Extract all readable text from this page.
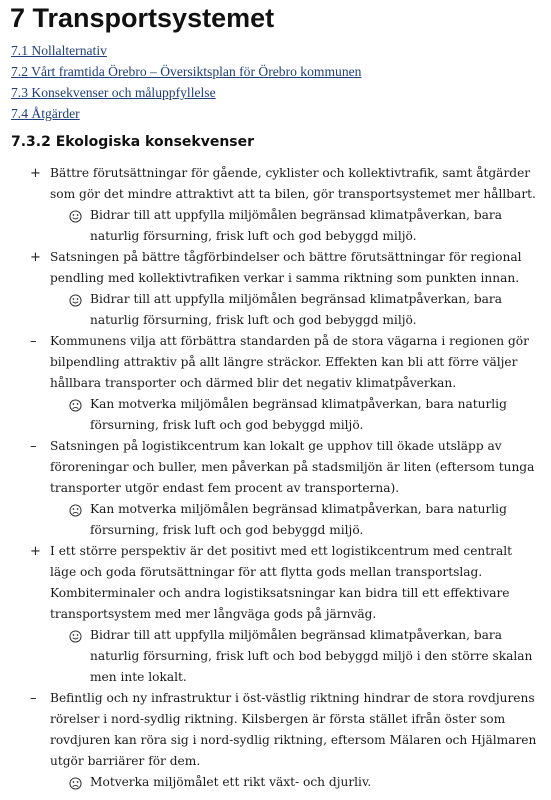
7 Transportsystemet
7.1 Nollalternativ
7.2 Vårt framtida Örebro – Översiktsplan för Örebro kommunen
7.3 Konsekvenser och måluppfyllelse
7.4 Åtgärder
7.3.2 Ekologiska konsekvenser
+ Bättre förutsättningar för gående, cyklister och kollektivtrafik, samt åtgärder som gör det mindre attraktivt att ta bilen, gör transportsystemet mer hållbart.

Bidrar till att uppfylla miljömålen begränsad klimatpåverkan, bara naturlig försurning, frisk luft och god bebyggd miljö.

+ Satsningen på bättre tågförbindelser och bättre förutsättningar för regional pendling med kollektivtrafiken verkar i samma riktning som punkten innan.

Bidrar till att uppfylla miljömålen begränsad klimatpåverkan, bara naturlig försurning, frisk luft och god bebyggd miljö.

–	Kommunens vilja att förbättra standarden på de stora vägarna i regionen gör bilpendling attraktiv på allt längre sträckor. Effekten kan bli att förre väljer hållbara transporter och därmed blir det negativ klimatpåverkan.

Kan motverka miljömålen begränsad klimatpåverkan, bara naturlig försurning, frisk luft och god bebyggd miljö.

–	Satsningen på logistikcentrum kan lokalt ge upphov till ökade utsläpp av föroreningar och buller, men påverkan på stadsmiljön är liten (eftersom tunga transporter utgör endast fem procent av transporterna).

Kan motverka miljömålen begränsad klimatpåverkan, bara naturlig försurning, frisk luft och god bebyggd miljö.

+ I ett större perspektiv är det positivt med ett logistikcentrum med centralt läge och goda förutsättningar för att flytta gods mellan transportslag. Kombiterminaler och andra logistiksatsningar kan bidra till ett effektivare transportsystem med mer långväga gods på järnväg.

Bidrar till att uppfylla miljömålen begränsad klimatpåverkan, bara naturlig försurning, frisk luft och bod bebyggd miljö i den större skalan men inte lokalt.

–	Befintlig och ny infrastruktur i öst-västlig riktning hindrar de stora rovdjurens rörelser i nord-sydlig riktning. Kilsbergen är första stället ifrån öster som rovdjuren kan röra sig i nord-sydlig riktning, eftersom Mälaren och Hjälmaren utgör barriärer för dem.

Motverka miljömålet ett rikt växt- och djurliv.
